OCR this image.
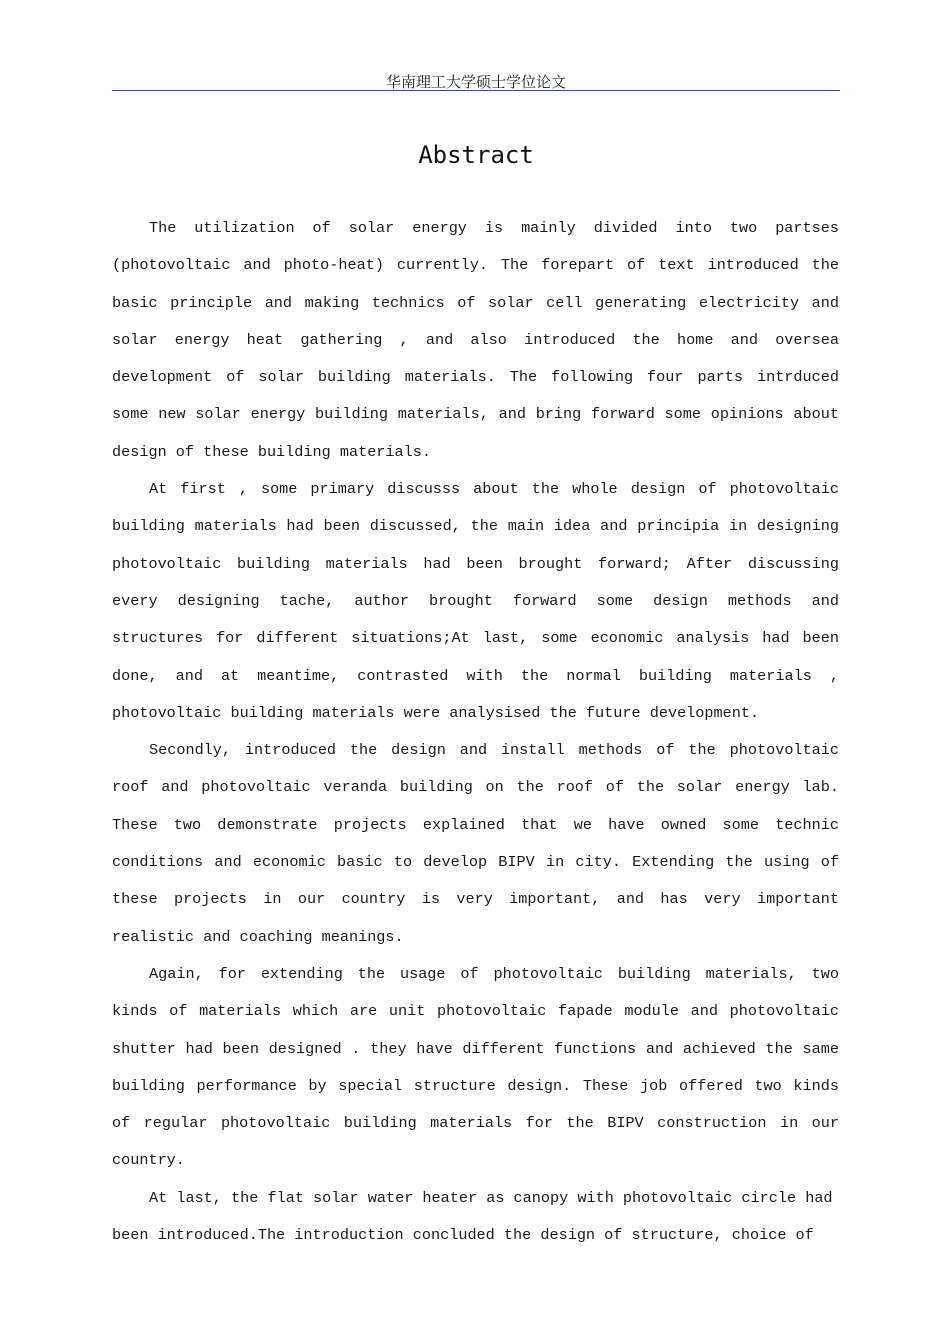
华南理工大学硕士学位论文
Abstract

The utilization of solar energy is mainly divided into two partses (photovoltaic and photo-heat) currently. The forepart of text introduced the basic principle and making technics of solar cell generating electricity and solar energy heat gathering , and also introduced the home and oversea development of solar building materials. The following four parts intrduced some new solar energy building materials, and bring forward some opinions about design of these building materials.

At first , some primary discusss about the whole design of photovoltaic building materials had been discussed, the main idea and principia in designing photovoltaic building materials had been brought forward; After discussing every designing tache, author brought forward some design methods and structures for different situations;At last, some economic analysis had been done, and at meantime, contrasted with the normal building materials , photovoltaic building materials were analysised the future development.

Secondly, introduced the design and install methods of the photovoltaic roof and photovoltaic veranda building on the roof of the solar energy lab. These two demonstrate projects explained that we have owned some technic conditions and economic basic to develop BIPV in city. Extending the using of these projects in our country is very important, and has very important realistic and coaching meanings.

Again, for extending the usage of photovoltaic building materials, two kinds of materials which are unit photovoltaic fapade module and photovoltaic shutter had been designed . they have different functions and achieved the same building performance by special structure design. These job offered two kinds of regular photovoltaic building materials for the BIPV construction in our country.

At last, the flat solar water heater as canopy with photovoltaic circle had been introduced.The introduction concluded the design of structure, choice of
